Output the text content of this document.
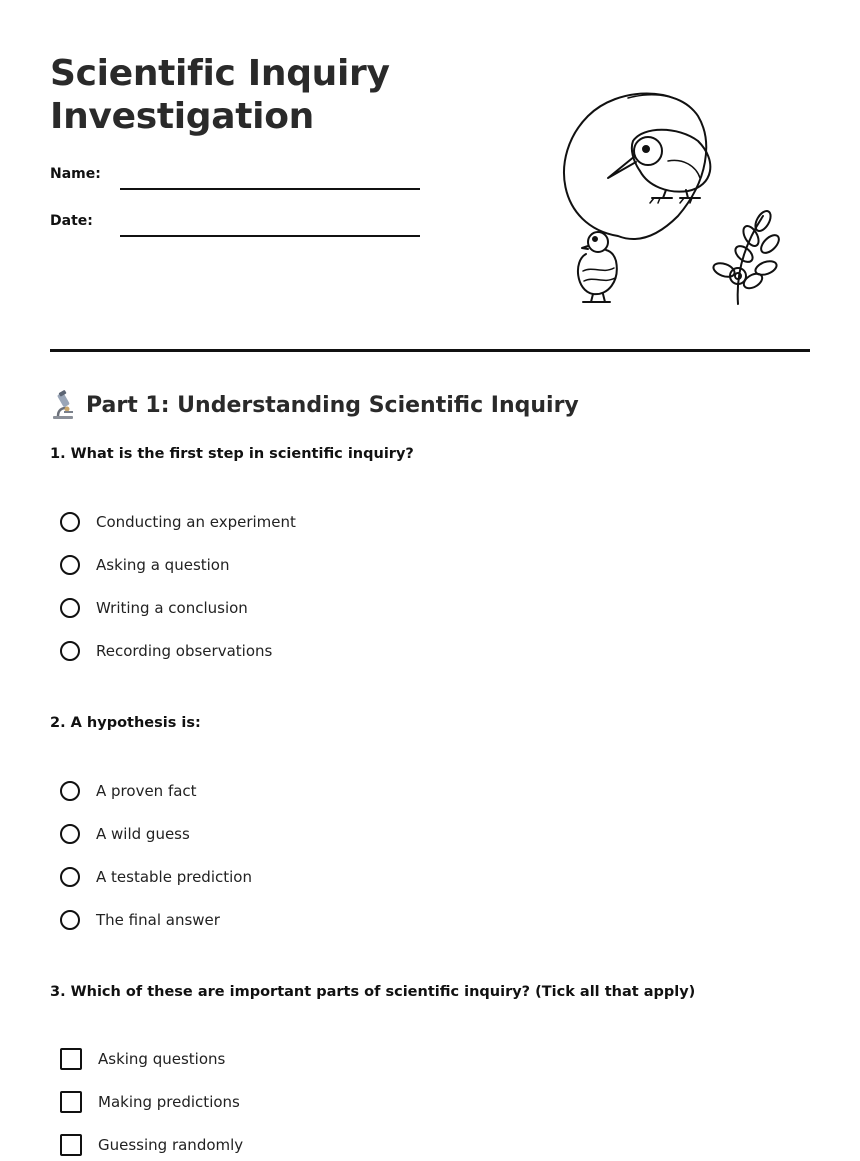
Scientific Inquiry
Investigation
Name:
Date:
Part 1: Understanding Scientific Inquiry
1. What is the first step in scientific inquiry?
Conducting an experiment
Asking a question
Writing a conclusion
Recording observations
2. A hypothesis is:
A proven fact
A wild guess
A testable prediction
The final answer
3. Which of these are important parts of scientific inquiry? (Tick all that apply)
Asking questions
Making predictions
Guessing randomly
